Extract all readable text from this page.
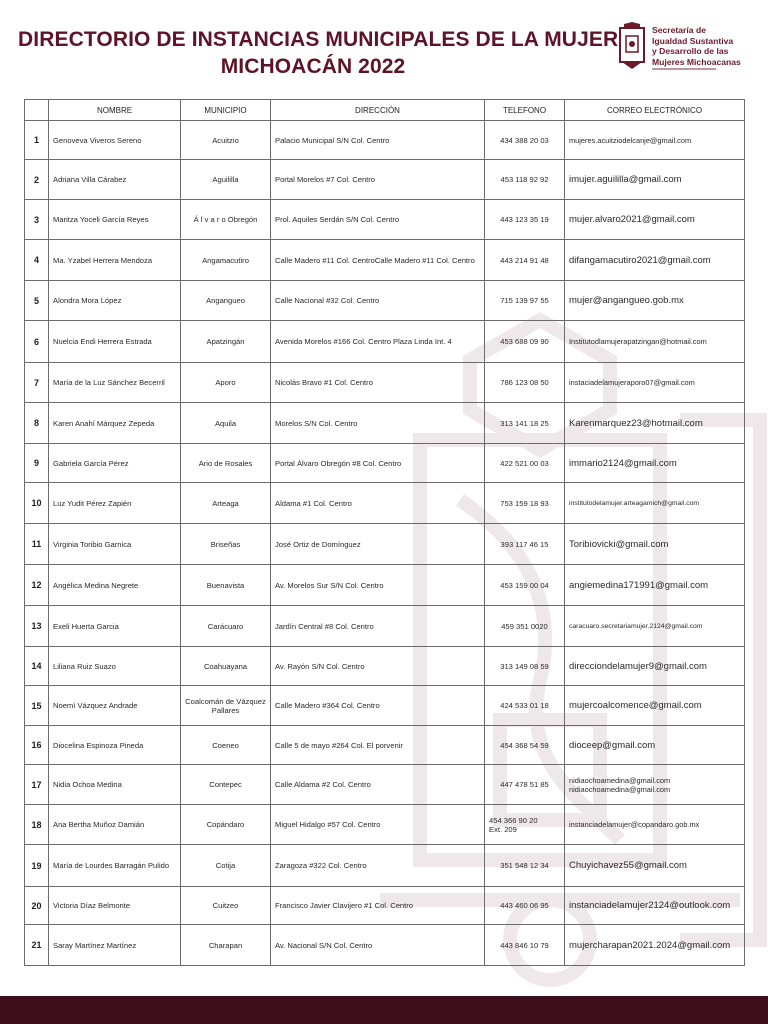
DIRECTORIO DE INSTANCIAS MUNICIPALES DE LA MUJER
MICHOACÁN 2022
Secretaría de
Igualdad Sustantiva
y Desarrollo de las
Mujeres Michoacanas
	NOMBRE	MUNICIPIO	DIRECCIÓN	TELEFONO	CORREO ELECTRÓNICO
1	Genoveva Viveros Sereno	Acuitzio	Palacio Municipal S/N Col. Centro	434 388 20 03	mujeres.acuitziodelcanje@gmail.com

2	Adriana Villa Cárabez	Aguililla	Portal Morelos #7 Col. Centro	453 118 92 92	imujer.aguililla@gmail.com

3	Maritza Yoceli García Reyes	Á l v a r o Obregón	Prol. Aquiles Serdán S/N Col. Centro	443 123 35 19	mujer.alvaro2021@gmail.com

4	Ma. Yzabel Herrera Mendoza	Angamacutiro	Calle Madero #11 Col. CentroCalle Madero #11 Col. Centro	443 214 91 48	difangamacutiro2021@gmail.com

5	Alondra Mora López	Angangueo	Calle Nacional #32 Col. Centro	715 139 97 55	mujer@angangueo.gob.mx

6	Nuelcia Endi Herrera Estrada	Apatzingán	Avenida Morelos #166 Col. Centro Plaza Linda Int. 4	453 688 09 90	Institutodlamujerapatzingan@hotmail.com

7	María de la Luz Sánchez Becerril	Aporo	Nicolás Bravo #1 Col. Centro	786 123 08 50	instaciadelamujeraporo07@gmail.com

8	Karen Anahí Márquez Zepeda	Aquila	Morelos S/N Col. Centro	313 141 18 25	Karenmarquez23@hotmail.com

9	Gabriela García Pérez	Ario de Rosales	Portal Álvaro Obregón #8 Col. Centro	422 521 00 03	immario2124@gmail.com

10	Luz Yudit Pérez Zapién	Arteaga	Aldama #1 Col. Centro	753 159 18 93	institutodelamujer.arteagamich@gmail.com

11	Virginia Toribio Garnica	Briseñas	José Ortiz de Domínguez	393 117 46 15	Toribiovicki@gmail.com

12	Angélica Medina Negrete	Buenavista	Av. Morelos Sur S/N Col. Centro	453 159 00 04	angiemedina171991@gmail.com

13	Exeli Huerta Garcia	Carácuaro	Jardín Central #8 Col. Centro	459 351 0020	caracuaro.secretariamujer.2124@gmail.com

14	Liliana Ruiz Suazo	Coahuayana	Av. Rayón S/N Col. Centro	313 149 08 59	direcciondelamujer9@gmail.com

15	Noemí Vázquez Andrade	Coalcomán de Vázquez Pallares	Calle Madero #364 Col. Centro	424 533 01 18	mujercoalcomence@gmail.com

16	Diocelina Espinoza Pineda	Coeneo	Calle 5 de mayo #264 Col. El porvenir	454 368 54 59	dioceep@gmail.com

17	Nidia Ochoa Medina	Contepec	Calle Aldama #2 Col. Centro	447 478 51 85	nidiaochoamedina@gmail.com
nidiaochoamedina@gmail.com

18	Ana Bertha Muñoz Damián	Copándaro	Miguel Hidalgo #57 Col. Centro	454 366 90 20
Ext. 209	instanciadelamujer@copandaro.gob.mx

19	María de Lourdes Barragán Pulido	Cotija	Zaragoza #322 Col. Centro	351 548 12 34	Chuyichavez55@gmail.com

20	Victoria Díaz Belmonte	Cuitzeo	Francisco Javier Clavijero #1 Col. Centro	443 460 06 95	instanciadelamujer2124@outlook.com

21	Saray Martínez Martínez	Charapan	Av. Nacional S/N Col. Centro	443 846 10 79	mujercharapan2021.2024@gmail.com
